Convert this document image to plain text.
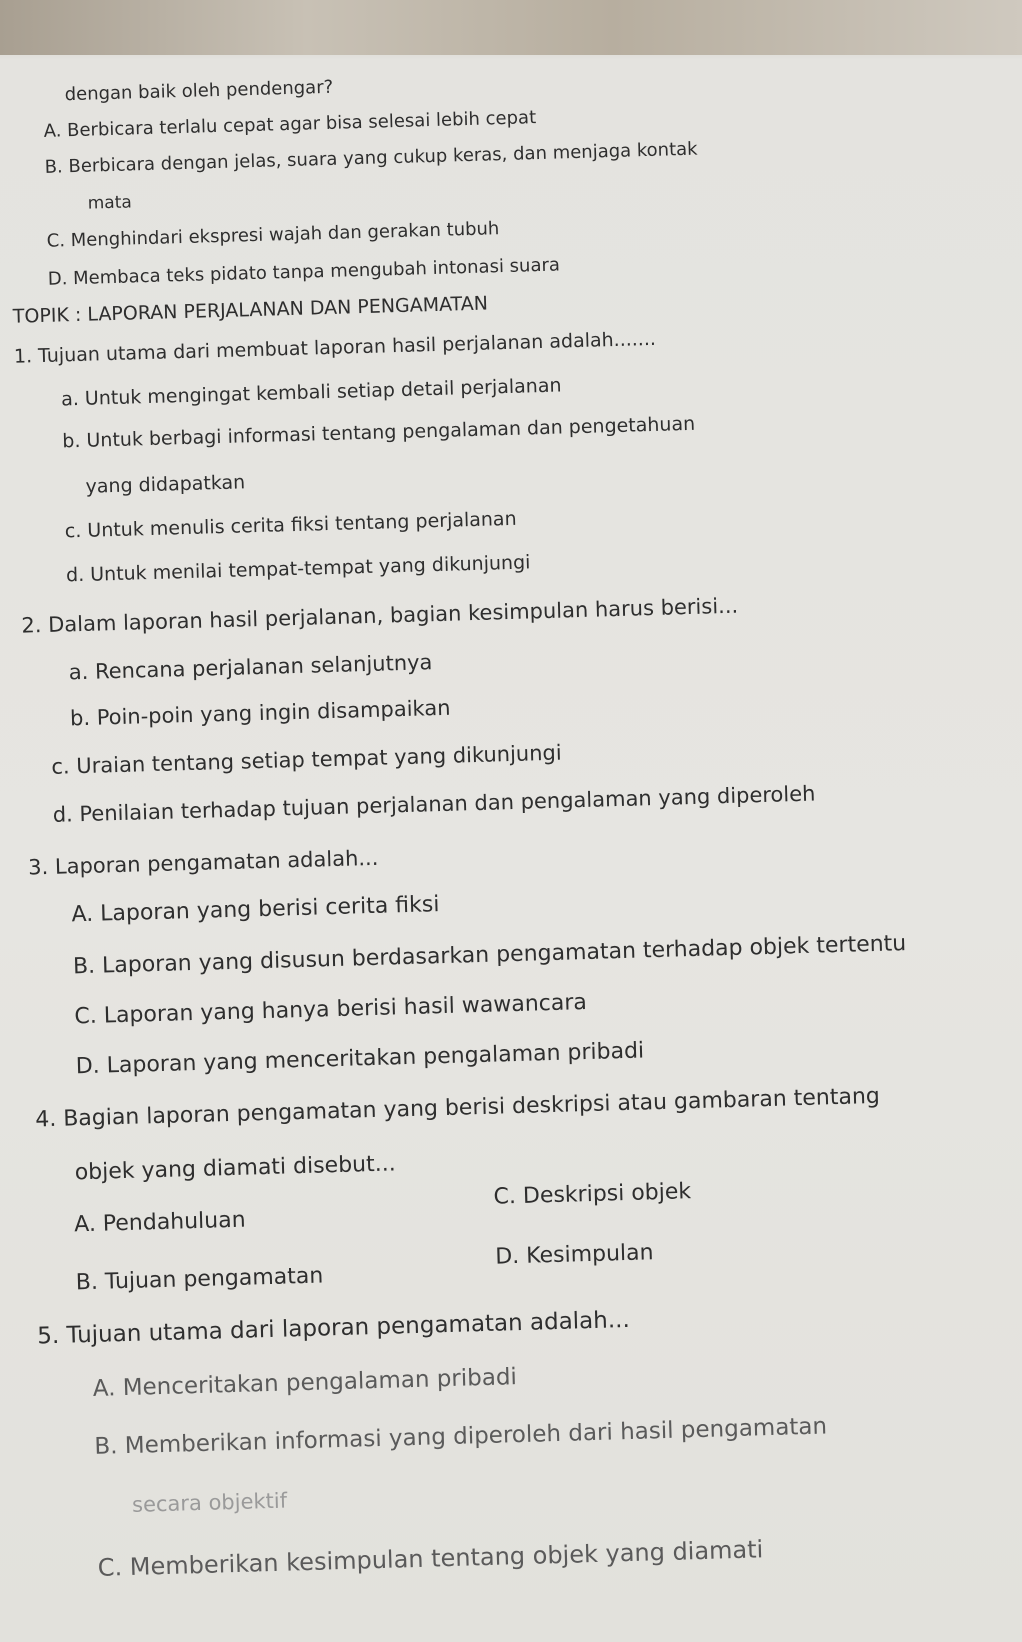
dengan baik oleh pendengar?
A. Berbicara terlalu cepat agar bisa selesai lebih cepat
B. Berbicara dengan jelas, suara yang cukup keras, dan menjaga kontak
mata
C. Menghindari ekspresi wajah dan gerakan tubuh
D. Membaca teks pidato tanpa mengubah intonasi suara
TOPIK : LAPORAN PERJALANAN DAN PENGAMATAN
1. Tujuan utama dari membuat laporan hasil perjalanan adalah.......
a. Untuk mengingat kembali setiap detail perjalanan
b. Untuk berbagi informasi tentang pengalaman dan pengetahuan
yang didapatkan
c. Untuk menulis cerita fiksi tentang perjalanan
d. Untuk menilai tempat-tempat yang dikunjungi
2. Dalam laporan hasil perjalanan, bagian kesimpulan harus berisi...
a. Rencana perjalanan selanjutnya
b. Poin-poin yang ingin disampaikan
c. Uraian tentang setiap tempat yang dikunjungi
d. Penilaian terhadap tujuan perjalanan dan pengalaman yang diperoleh
3. Laporan pengamatan adalah...
A. Laporan yang berisi cerita fiksi
B. Laporan yang disusun berdasarkan pengamatan terhadap objek tertentu
C. Laporan yang hanya berisi hasil wawancara
D. Laporan yang menceritakan pengalaman pribadi
4. Bagian laporan pengamatan yang berisi deskripsi atau gambaran tentang
objek yang diamati disebut...
A. Pendahuluan
C. Deskripsi objek
B. Tujuan pengamatan
D. Kesimpulan
5. Tujuan utama dari laporan pengamatan adalah...
A. Menceritakan pengalaman pribadi
B. Memberikan informasi yang diperoleh dari hasil pengamatan
secara objektif
C. Memberikan kesimpulan tentang objek yang diamati
